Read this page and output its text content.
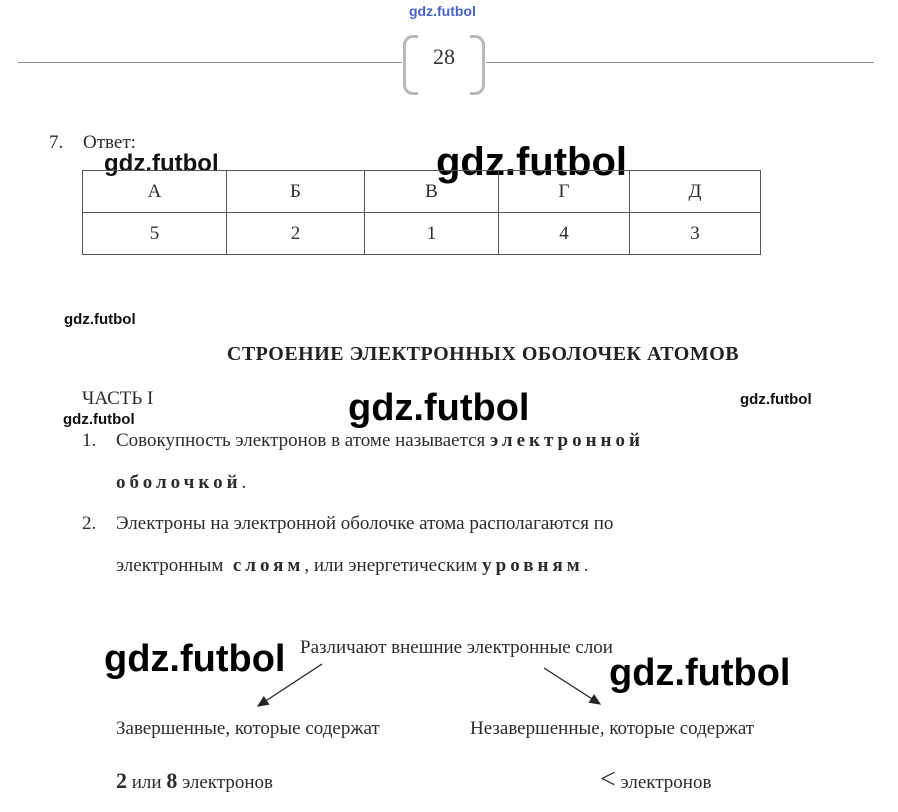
gdz.futbol
gdz.futbol
gdz.futbol
gdz.futbol
gdz.futbol
gdz.futbol
gdz.futbol
gdz.futbol	gdz.futbol
28
7. Ответ:
А	Б	В	Г	Д
5	2	1	4	3
СТРОЕНИЕ ЭЛЕКТРОННЫХ ОБОЛОЧЕК АТОМОВ
ЧАСТЬ I
1. Совокупность электронов в атоме называется электронной
оболочкой.
2. Электроны на электронной оболочке атома располагаются по
электронным слоям, или энергетическим уровням.
Различают внешние электронные слои
Завершенные, которые содержат	Незавершенные, которые содержат
2 или 8 электронов	< электронов
